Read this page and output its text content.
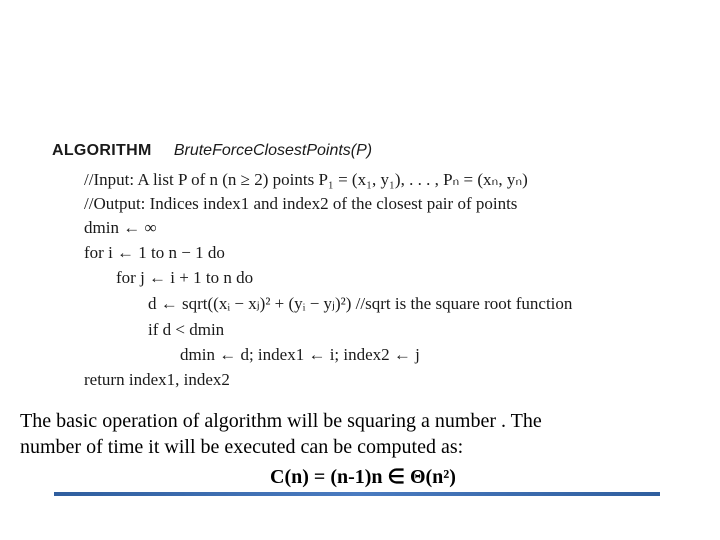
ALGORITHM BruteForceClosestPoints(P)
//Input: A list P of n (n ≥ 2) points P₁ = (x₁, y₁), . . . , Pₙ = (xₙ, yₙ)
//Output: Indices index1 and index2 of the closest pair of points
dmin ← ∞
for i ← 1 to n − 1 do
for j ← i + 1 to n do
d ← sqrt((xᵢ − xⱼ)² + (yᵢ − yⱼ)²) //sqrt is the square root function
if d < dmin
dmin ← d; index1 ← i; index2 ← j
return index1, index2
The basic operation of algorithm will be squaring a number . The
number of time it will be executed can be computed as:
C(n) = (n-1)n ∈ Θ(n²)
